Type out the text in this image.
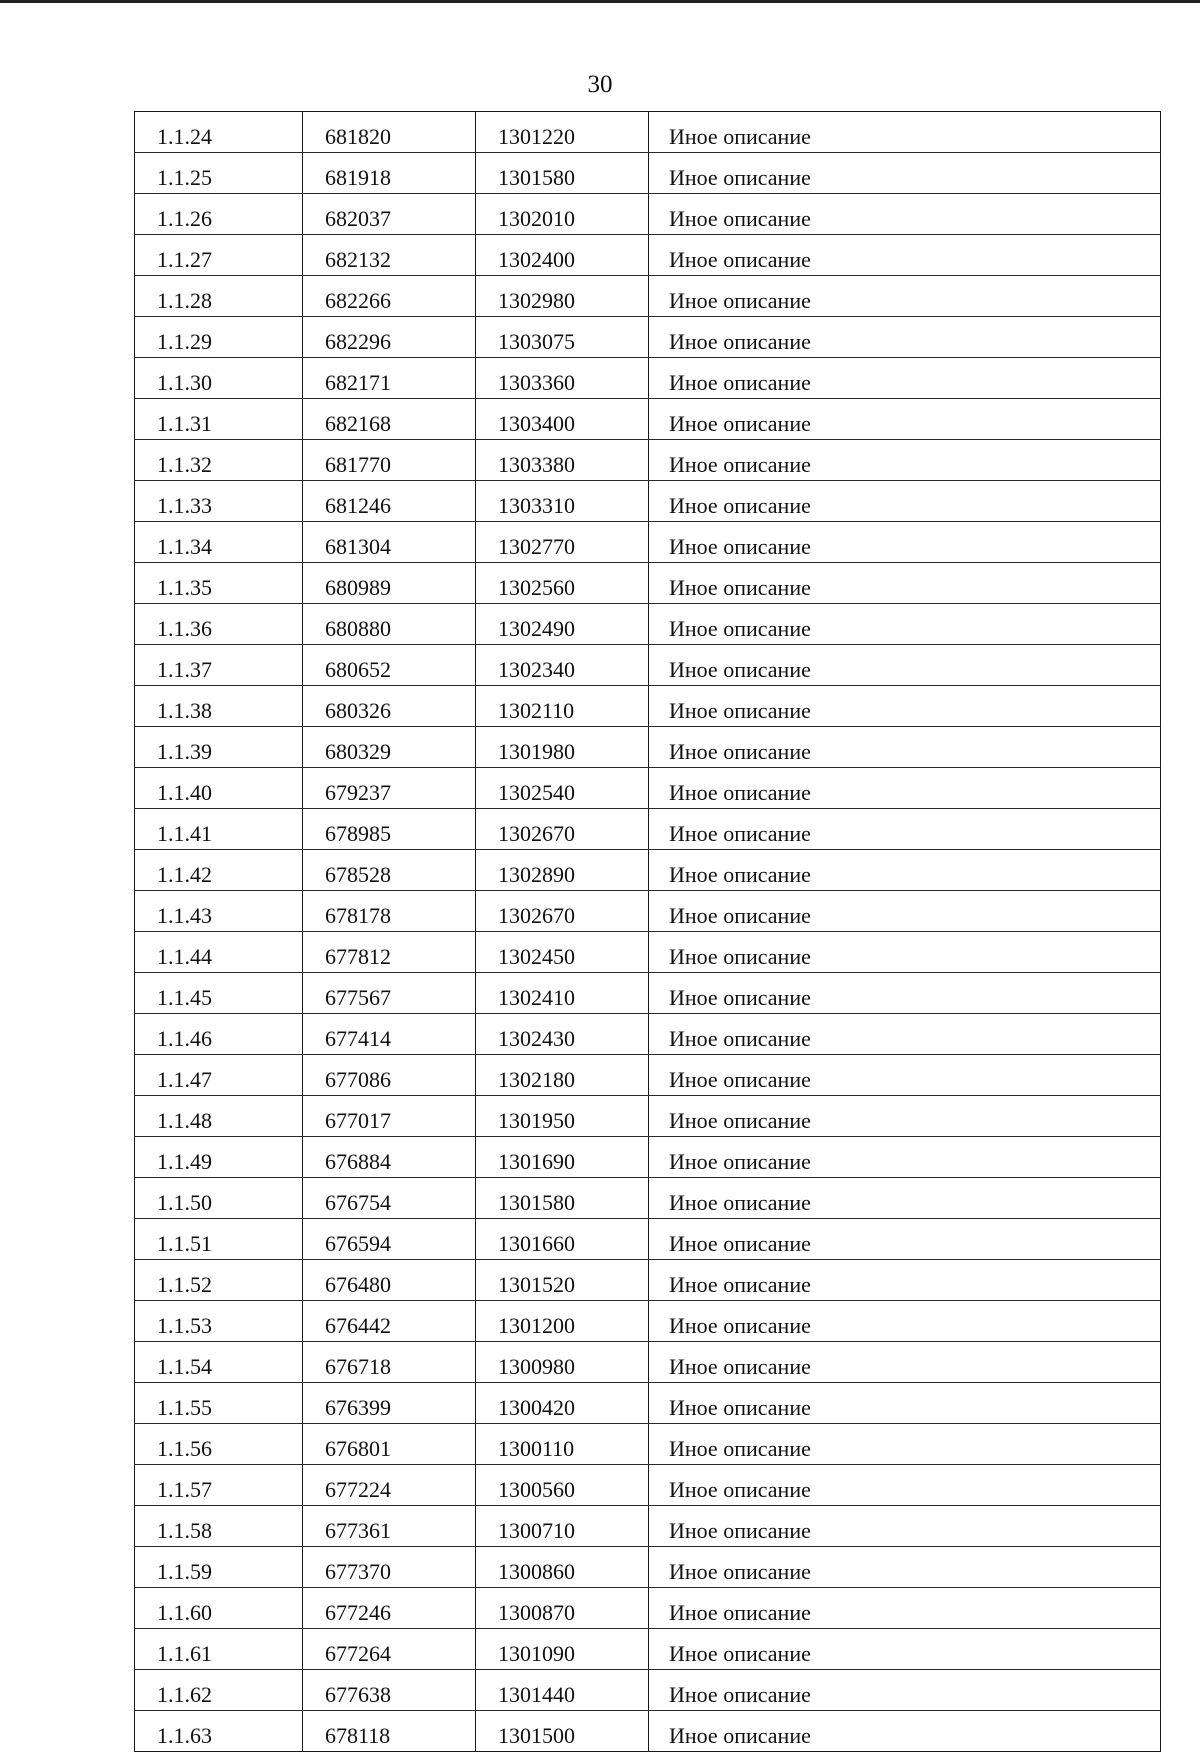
30
1.1.24	681820	1301220	Иное описание
1.1.25	681918	1301580	Иное описание
1.1.26	682037	1302010	Иное описание
1.1.27	682132	1302400	Иное описание
1.1.28	682266	1302980	Иное описание
1.1.29	682296	1303075	Иное описание
1.1.30	682171	1303360	Иное описание
1.1.31	682168	1303400	Иное описание
1.1.32	681770	1303380	Иное описание
1.1.33	681246	1303310	Иное описание
1.1.34	681304	1302770	Иное описание
1.1.35	680989	1302560	Иное описание
1.1.36	680880	1302490	Иное описание
1.1.37	680652	1302340	Иное описание
1.1.38	680326	1302110	Иное описание
1.1.39	680329	1301980	Иное описание
1.1.40	679237	1302540	Иное описание
1.1.41	678985	1302670	Иное описание
1.1.42	678528	1302890	Иное описание
1.1.43	678178	1302670	Иное описание
1.1.44	677812	1302450	Иное описание
1.1.45	677567	1302410	Иное описание
1.1.46	677414	1302430	Иное описание
1.1.47	677086	1302180	Иное описание
1.1.48	677017	1301950	Иное описание
1.1.49	676884	1301690	Иное описание
1.1.50	676754	1301580	Иное описание
1.1.51	676594	1301660	Иное описание
1.1.52	676480	1301520	Иное описание
1.1.53	676442	1301200	Иное описание
1.1.54	676718	1300980	Иное описание
1.1.55	676399	1300420	Иное описание
1.1.56	676801	1300110	Иное описание
1.1.57	677224	1300560	Иное описание
1.1.58	677361	1300710	Иное описание
1.1.59	677370	1300860	Иное описание
1.1.60	677246	1300870	Иное описание
1.1.61	677264	1301090	Иное описание
1.1.62	677638	1301440	Иное описание
1.1.63	678118	1301500	Иное описание
